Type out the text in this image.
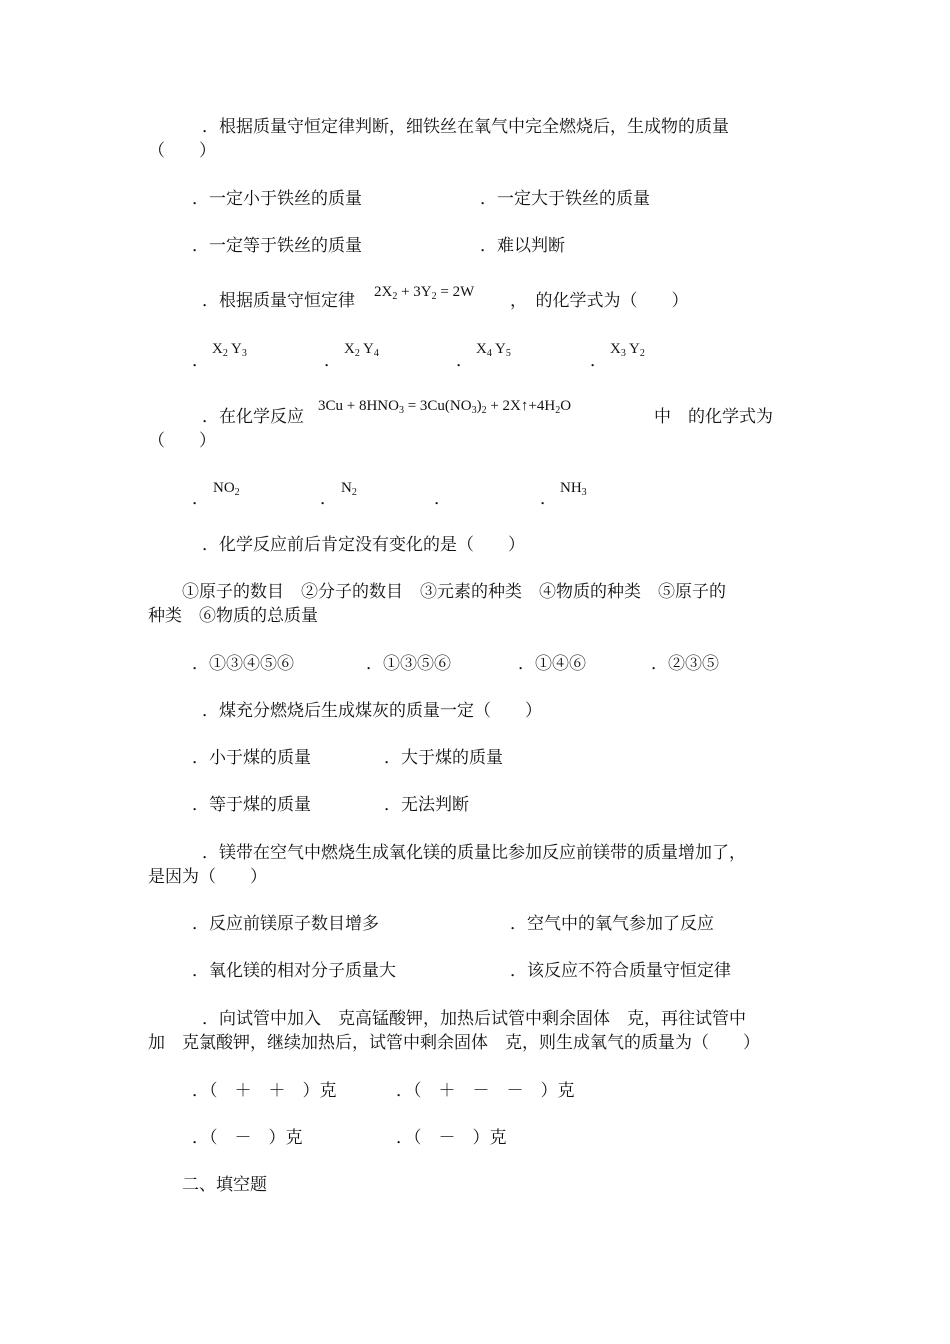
．根据质量守恒定律判断，细铁丝在氧气中完全燃烧后，生成物的质量
（　　）
．一定小于铁丝的质量	．一定大于铁丝的质量
．一定等于铁丝的质量	．难以判断
．根据质量守恒定律 $2X_2 + 3Y_2 = 2W$ ，　的化学式为（　　）
．
$X_2$ $Y_3$	．
$X_2$ $Y_4$	．
$X_4$ $Y_5$	．
$X_3$ $Y_2$
．在化学反应
$3Cu + 8HNO_3 = 3Cu(NO_3)_2$ + $2X↑+4H_2O$
中　的化学式为
（　　）
．
$NO_2$	．
$N_2$	．	．
$NH_3$
．化学反应前后肯定没有变化的是（　　）
①原子的数目　②分子的数目　③元素的种类　④物质的种类　⑤原子的
种类　⑥物质的总质量
．①③④⑤⑥	．①③⑤⑥	．①④⑥	．②③⑤
．煤充分燃烧后生成煤灰的质量一定（　　）
．小于煤的质量	．大于煤的质量
．等于煤的质量	．无法判断
．镁带在空气中燃烧生成氧化镁的质量比参加反应前镁带的质量增加了，
是因为（　　）
．反应前镁原子数目增多	．空气中的氧气参加了反应
．氧化镁的相对分子质量大	．该反应不符合质量守恒定律
．向试管中加入　克高锰酸钾，加热后试管中剩余固体　克，再往试管中
加　克氯酸钾，继续加热后，试管中剩余固体　克，则生成氧气的质量为（　　）
．（　＋　＋　）克	．（　＋　－　－　）克
．（　－　）克	．（　－　）克
二、填空题
